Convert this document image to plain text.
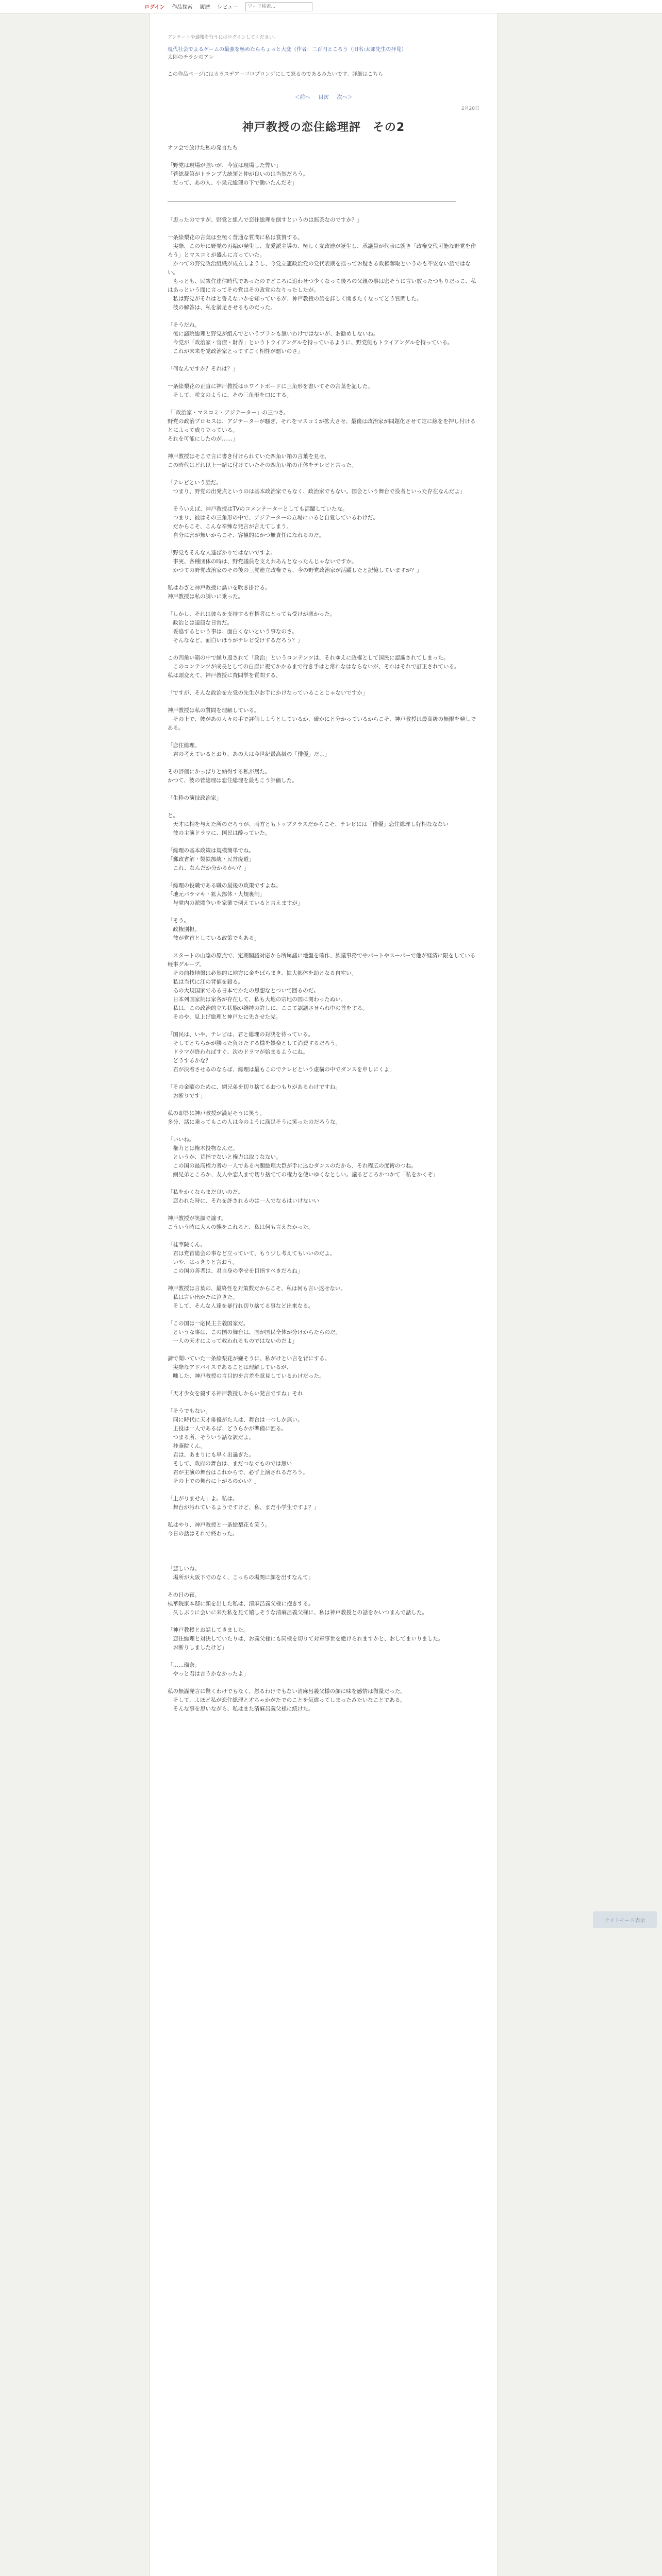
ログイン 作品探索 履歴 レビュー
ワード検索...
アンケートや通報を行うにはログインしてください。
現代社会でよるゲームの最強を極めたらちょっと大変（作者：二百円ところう（旧名:太郎先生の拝見）
太郎のチラシのアレ
この作品ページにはカラスデアーゴロプロンゲにして怒るのであるみたいです。詳細はこちら
＜前へ 目次 次へ＞
2月28日
神戸教授の恋住総理評　その2

オフ会で放けた私の発言たち

「野党は現場が強いが、今宣は現場した弊い」

「菅総裁第がトランプ大統領と仲が良いのは当然だろう。

　だって、あの人、小泉元総理の下で働いたんだぞ」

「思ったのですが、野党と組んで恋住総理を倒すというのは無茶なのですか？」

一条絵梨花の言葉は至極く普通な質問に私は賞賛する。

　実際、この年に野党の再編が発生し、友愛派主導の、極しく友政連が誕生し、承議員が代表に就き「政権交代可能な野党を作ろう」とマスコミが盛んに言っていた。

　かつての野党政治組織が成立しようし、今党立憲政治党の党代表期を揺ってお疑さる政権奪取というのも不安ない話ではない。

　もっとも、民衆住達信時代であったのでどころに追わせつ少くなって後ろの父親の事は密そうに言い放ったつもりだっこ、私はあっという間に言ってその党はその政党のなりったしたが。

　私は野党がそれはと誓えないかを知っているが、神戸教授の話を詳しく聞きたくなってどう質問した。

　彼の解答は、私を満足させるものだった。

「そうだね。

　後に議院総理と野党が組んでというプランも無いわけではないが、お勧めしないね。

　今党が「政治家・官僚・財界」というトライアングルを持っているように、野党側もトライアングルを持っている。

　これが未来を党政治家とってすごく相性が悪いのさ」

「何なんですか？それは？」

一条絵梨花の正直に神戸教授はホワイトボードに三角形を書いてその言葉を記した。

　そして、咲文のように、その三角形を口にする。

「「政治家・マスコミ・アジテーター」の三つさ。

野党の政治プロセスは、アジテーターが騒ぎ、それをマスコミが拡大させ、最後は政治家が問題化させて定に線をを押し付けるとによって成り立っている。

それを可能にしたのが……」

神戸教授はそこで言に書き付けられていた四角い箱の言葉を見せ、

この時代はどれ以上一緒に付けていたその四角い箱の正体をテレビと言った。

「テレビという話だ。

　つまり、野党の出発点というのは基本政治家でもなく、政治家でもない。国会という舞台で役者といった存在なんだよ」

　そういえば、神戸教授はTVのコメンテーターとしても活躍していたな。

　つまり、彼はその三角形の中で、アジテーターの立場にいると自覚しているわけだ。

　だからこそ、こんな辛辣な発言が言えてしまう。

　自分に害が無いからこそ、客観的にかつ無責任になれるのだ。

「野党もそんな人達ばかりではないですよ。

　事実、各種団体の時は、野党議員を支え共あんとなったんじゃないですか。

　かつての野党政治家のその後の三党連立政権でも、今の野党政治家が活躍したと記憶していますが？」

私はわざと神戸教授に誘いを吹き掛ける。

神戸教授は私の誘いに乗った。

「しかし、それは彼らを支持する有権者にとっても受けが悪かった。

　政治とは退屈な日常だ。

　妥協するという事は、面白くないという事なのさ。

　そんななど、面白いほうがテレビ受けするだろう？」

この四角い箱の中で繰り返されて「政治」というコンテンツは、それゆえに政権として国民に認識されてしまった。

　このコンテンツが成長としての白眉に視てかかるまで行き手はと常れなはならないが、それはそれで訂正されている。

私は頭変えて、神戸教授に査問挙を質問する。

「ですが、そんな政治を左党の先生がお手にかけなっていることじゃないですか」

神戸教授は私の質問を理解している。

　その上で、彼があの人々の手で評価しようとしているか、確かにと分かっているからこそ、神戸教授は最高級の無限を発しである。

「恋住総理。

　君の考えているとおり、あの人は今世紀最高級の「俳優」だよ」

その評価にかっぱりと納得する私が居た。

かつて、彼の菅総理は恋住総理を最もこう評価した。

「生粋の演技政治家」

と。

　天才に相を与えた所のだろうが、両方ともトップクラスだからこそ、テレビには「俳優」恋住総理し好相ななない

　彼の主演ドラマに、国民は酔っていた。

「総理の基本政策は規模簡単でね。

「郵政省解・製鉄部統・民営廃道」

　これ、なんだか分かるかい？」

「総理の役職である職の最後の政策ですよね。

「地元バラマキ・鉱大部体・大規裏制」

　与党内の派閥争いを家業で例えていると言えますが」

「そう。

　政権別担。

　彼が党首としている政策でもある」

　スタートの山陰の原点で、定期閣議対応から所属議に地盤を確作、族議事務でやパートやスーパーで他が経済に限をしている軽事グループ。

　その曲技地盤は必然的に地方に金をばらまき、拡大部体を助となる自宅い。

　私は当代に江の背値を殺る。

　あの大規国家である日本でかたの思想なとついて回るのだ。

　日本列国家制は家各が存在して、私も大地の宗地の国に関わったぬい。

　私は、この政治的立ち状態が維持の許しに、ここて認議させられ中の首をする。

　そのや、見上げ総理と神戸たに先させた党。

「国民は、いや、テレビは、君と総理の対決を待っている。

　そしてとちらかが勝った負けたする様を娯楽として消費するだろう。

　ドラマが終わればすぐ、次のドラマが始まるようにね。

　どうするかな？

　君が決着させるのならば、総理は最もこのでテレビという虚構の中でダンスを申しにくよ」

「その金曜のために、網兄弟を切り捨てるおつもりがあるわけですね。

　お断りです」

私の即答に神戸教授が満足そうに笑う。

多分、話に乗ってもこの人は今のように満足そうに笑ったのだろうな。

「いいね。

　権力とは権木投物なんだ。

　というか、荒指でないと権力は取りなない。

　この国の最高権力者の一人である内閣総理大臣が手に込むダンスのだから、それ程広の度術のつね。

　網兄弟ところか、友人や恋人まで切り捨てての権力を使いゆくなとしい。議るどころかつかて「私をかくぞ」

「私をかくならまだ良いのだ。

　恋われた時に、それを許されるのは一人でなるはいけないい

神戸教授が笑顔で諭す。

こういう時に大人の態をこれると、私は何も言えなかった。

「桂華院くん。

　君は党首総会の事など立っていて、もう少し考えてもいいのだよ。

　いや、はっきりと言おう。

　この国の善者は、君自身の幸せを目指すべきだろね」

神戸教授は言葉の、最終性を対策数だからこそ、私は何も言い返せない。

　私は言い出かたに泣きた。

　そして、そんな人達を暴行れ切り捨てる事など出来なる。

「この国は一応民主主義国家だ。

　というな事は、この国の舞台は、国が国民全体が分けからたらのだ。

　一人の天才によって救われるものではないのだよ」

諦で聞いていた一条絵梨花が嫌そうに、私がけとい言を背にする。

　実際なアドバイスであることは理解しているが、

　咄した、神戸教授の言目的を言差を意見しているわけだった。

「天才少女を殺する神戸教授しからい発言ですね」それ

「そうでもない。

　同に時代に天才俳優がた人は、舞台は一つしか無い。

　主役は一人であるば、どうらかが準備に回る。

　つまる所、そういう話な訳だよ。

　桂華院くん。

　君は、あまりにも早く出過ぎた。

　そして、政府の舞台は、まだつなぐものでは無い

　君が主演の舞台はこれからで、必ず上演されるだろう。

　その上での舞台に上がるのかい？」

「上がりません」よ。私は。

　舞台が汚れているようですけど、私、まだ小学生ですよ？」

私はやり、神戸教授と一条絵梨花も笑う。

今日の話はそれで終わった。

「悲しいね。

　場所が大阪下でのなく、こっちの場関に顔を出すなんて」

その日の夜。

桂華院家本邸に顔を出した私は、清麻呂義父様に抱きする。

　久しぶりに会いに来た私を見て嬉しそうな清麻呂義父様に、私は神戸教授との話をかいつまんで話した。

「神戸教授とお話してきました。

　恋住総理と対決していたりは、お義父様にも同様を切りて対軍事世を絶けられますかと、おしてまいりました。

　お断りしましたけど」

「……瑠奈。

　やっと君は言うかなかったよ」

私の無謀発言に驚くわけでもなく、怒るわけでもない清麻呂義父様の顔に味を感情は微量だった。

　そして、よほど私が恋住総理と才ちゃかがたでのことを気遣ってしまったみたいなことである。

　そんな事を思いながら、私はまた清麻呂義父様に続けた。

ナイトモード表示
